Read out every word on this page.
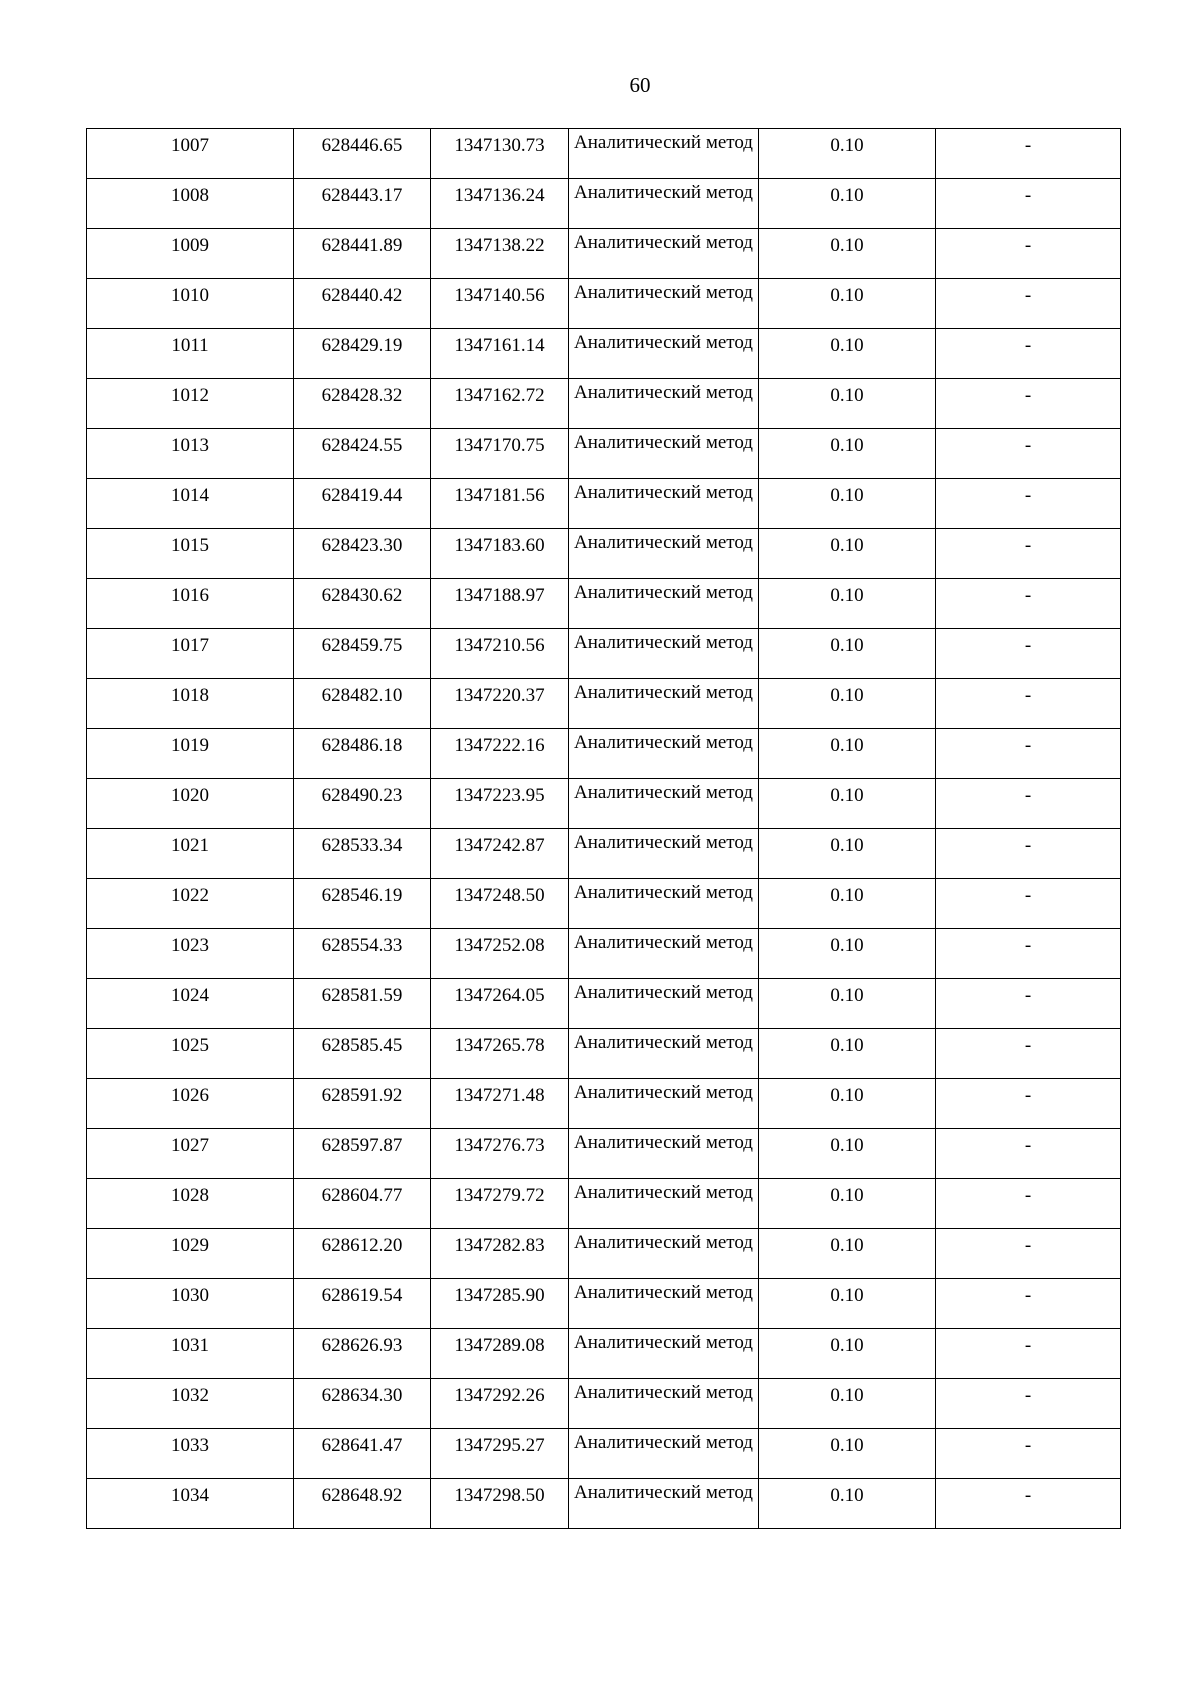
60
1007	628446.65	1347130.73	Аналитический метод	0.10	-

1008	628443.17	1347136.24	Аналитический метод	0.10	-

1009	628441.89	1347138.22	Аналитический метод	0.10	-

1010	628440.42	1347140.56	Аналитический метод	0.10	-

1011	628429.19	1347161.14	Аналитический метод	0.10	-

1012	628428.32	1347162.72	Аналитический метод	0.10	-

1013	628424.55	1347170.75	Аналитический метод	0.10	-

1014	628419.44	1347181.56	Аналитический метод	0.10	-

1015	628423.30	1347183.60	Аналитический метод	0.10	-

1016	628430.62	1347188.97	Аналитический метод	0.10	-

1017	628459.75	1347210.56	Аналитический метод	0.10	-

1018	628482.10	1347220.37	Аналитический метод	0.10	-

1019	628486.18	1347222.16	Аналитический метод	0.10	-

1020	628490.23	1347223.95	Аналитический метод	0.10	-

1021	628533.34	1347242.87	Аналитический метод	0.10	-

1022	628546.19	1347248.50	Аналитический метод	0.10	-

1023	628554.33	1347252.08	Аналитический метод	0.10	-

1024	628581.59	1347264.05	Аналитический метод	0.10	-

1025	628585.45	1347265.78	Аналитический метод	0.10	-

1026	628591.92	1347271.48	Аналитический метод	0.10	-

1027	628597.87	1347276.73	Аналитический метод	0.10	-

1028	628604.77	1347279.72	Аналитический метод	0.10	-

1029	628612.20	1347282.83	Аналитический метод	0.10	-

1030	628619.54	1347285.90	Аналитический метод	0.10	-

1031	628626.93	1347289.08	Аналитический метод	0.10	-

1032	628634.30	1347292.26	Аналитический метод	0.10	-

1033	628641.47	1347295.27	Аналитический метод	0.10	-

1034	628648.92	1347298.50	Аналитический метод	0.10	-
